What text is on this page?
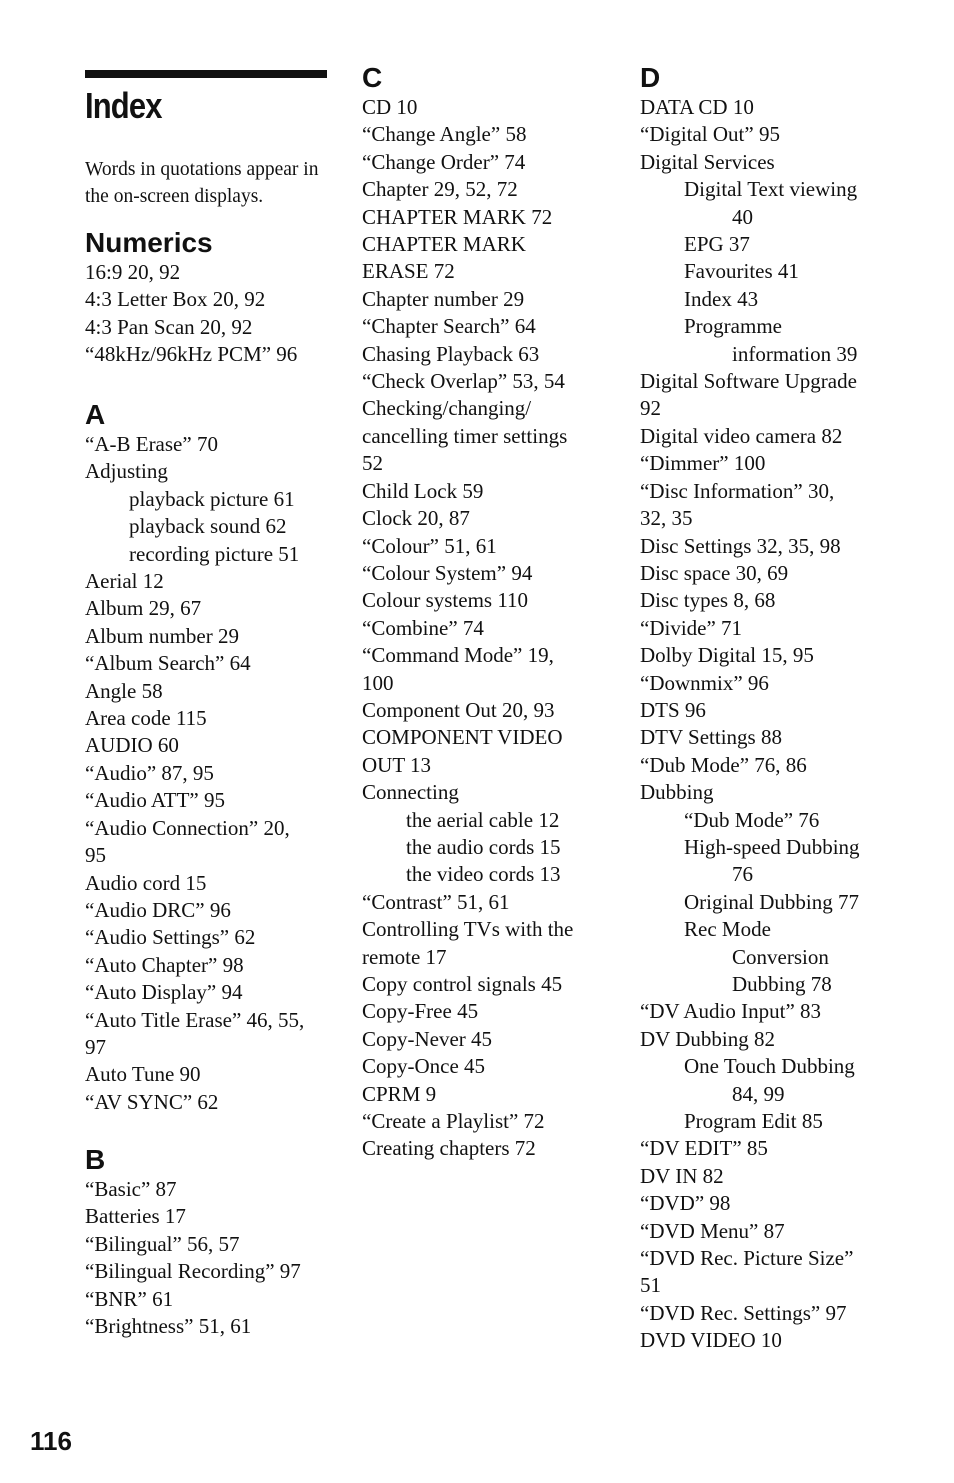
Index

Words in quotations appear in the on-screen displays.

Numerics
16:9 20, 92
4:3 Letter Box 20, 92
4:3 Pan Scan 20, 92
“48kHz/96kHz PCM” 96
A
“A-B Erase” 70
Adjusting
playback picture 61
playback sound 62
recording picture 51
Aerial 12
Album 29, 67
Album number 29
“Album Search” 64
Angle 58
Area code 115
AUDIO 60
“Audio” 87, 95
“Audio ATT” 95
“Audio Connection” 20,
95
Audio cord 15
“Audio DRC” 96
“Audio Settings” 62
“Auto Chapter” 98
“Auto Display” 94
“Auto Title Erase” 46, 55,
97
Auto Tune 90
“AV SYNC” 62
B
“Basic” 87
Batteries 17
“Bilingual” 56, 57
“Bilingual Recording” 97
“BNR” 61
“Brightness” 51, 61
C
CD 10
“Change Angle” 58
“Change Order” 74
Chapter 29, 52, 72
CHAPTER MARK 72
CHAPTER MARK
ERASE 72
Chapter number 29
“Chapter Search” 64
Chasing Playback 63
“Check Overlap” 53, 54
Checking/changing/
cancelling timer settings
52
Child Lock 59
Clock 20, 87
“Colour” 51, 61
“Colour System” 94
Colour systems 110
“Combine” 74
“Command Mode” 19,
100
Component Out 20, 93
COMPONENT VIDEO
OUT 13
Connecting
the aerial cable 12
the audio cords 15
the video cords 13
“Contrast” 51, 61
Controlling TVs with the
remote 17
Copy control signals 45
Copy-Free 45
Copy-Never 45
Copy-Once 45
CPRM 9
“Create a Playlist” 72
Creating chapters 72
D
DATA CD 10
“Digital Out” 95
Digital Services
Digital Text viewing
40
EPG 37
Favourites 41
Index 43
Programme
information 39
Digital Software Upgrade
92
Digital video camera 82
“Dimmer” 100
“Disc Information” 30,
32, 35
Disc Settings 32, 35, 98
Disc space 30, 69
Disc types 8, 68
“Divide” 71
Dolby Digital 15, 95
“Downmix” 96
DTS 96
DTV Settings 88
“Dub Mode” 76, 86
Dubbing
“Dub Mode” 76
High-speed Dubbing
76
Original Dubbing 77
Rec Mode
Conversion
Dubbing 78
“DV Audio Input” 83
DV Dubbing 82
One Touch Dubbing
84, 99
Program Edit 85
“DV EDIT” 85
DV IN 82
“DVD” 98
“DVD Menu” 87
“DVD Rec. Picture Size”
51
“DVD Rec. Settings” 97
DVD VIDEO 10

116
